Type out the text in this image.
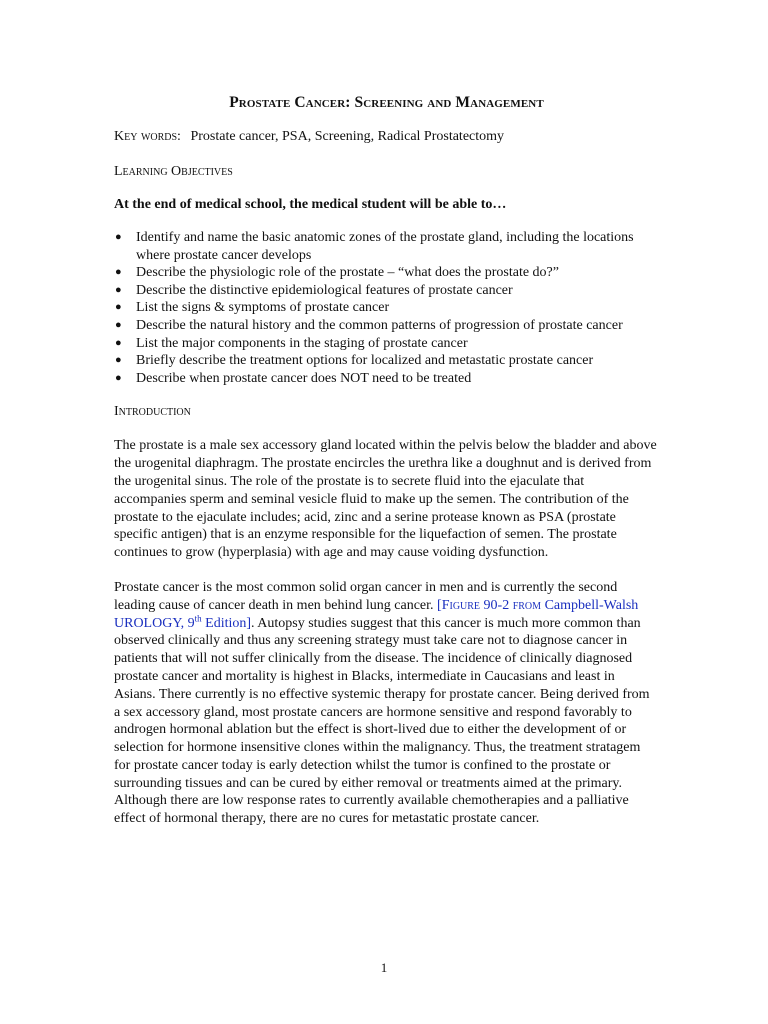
Prostate Cancer: Screening and Management
Key words: Prostate cancer, PSA, Screening, Radical Prostatectomy
Learning Objectives
At the end of medical school, the medical student will be able to…
● Identify and name the basic anatomic zones of the prostate gland, including the locations where prostate cancer develops
● Describe the physiologic role of the prostate – “what does the prostate do?”
● Describe the distinctive epidemiological features of prostate cancer
● List the signs & symptoms of prostate cancer
● Describe the natural history and the common patterns of progression of prostate cancer
● List the major components in the staging of prostate cancer
● Briefly describe the treatment options for localized and metastatic prostate cancer
● Describe when prostate cancer does NOT need to be treated
Introduction
The prostate is a male sex accessory gland located within the pelvis below the bladder and above the urogenital diaphragm. The prostate encircles the urethra like a doughnut and is derived from the urogenital sinus. The role of the prostate is to secrete fluid into the ejaculate that accompanies sperm and seminal vesicle fluid to make up the semen. The contribution of the prostate to the ejaculate includes; acid, zinc and a serine protease known as PSA (prostate specific antigen) that is an enzyme responsible for the liquefaction of semen. The prostate continues to grow (hyperplasia) with age and may cause voiding dysfunction.
Prostate cancer is the most common solid organ cancer in men and is currently the second leading cause of cancer death in men behind lung cancer. [Figure 90-2 from Campbell-Walsh UROLOGY, 9th Edition]. Autopsy studies suggest that this cancer is much more common than observed clinically and thus any screening strategy must take care not to diagnose cancer in patients that will not suffer clinically from the disease. The incidence of clinically diagnosed prostate cancer and mortality is highest in Blacks, intermediate in Caucasians and least in Asians. There currently is no effective systemic therapy for prostate cancer. Being derived from a sex accessory gland, most prostate cancers are hormone sensitive and respond favorably to androgen hormonal ablation but the effect is short-lived due to either the development of or selection for hormone insensitive clones within the malignancy. Thus, the treatment stratagem for prostate cancer today is early detection whilst the tumor is confined to the prostate or surrounding tissues and can be cured by either removal or treatments aimed at the primary. Although there are low response rates to currently available chemotherapies and a palliative effect of hormonal therapy, there are no cures for metastatic prostate cancer.
1
